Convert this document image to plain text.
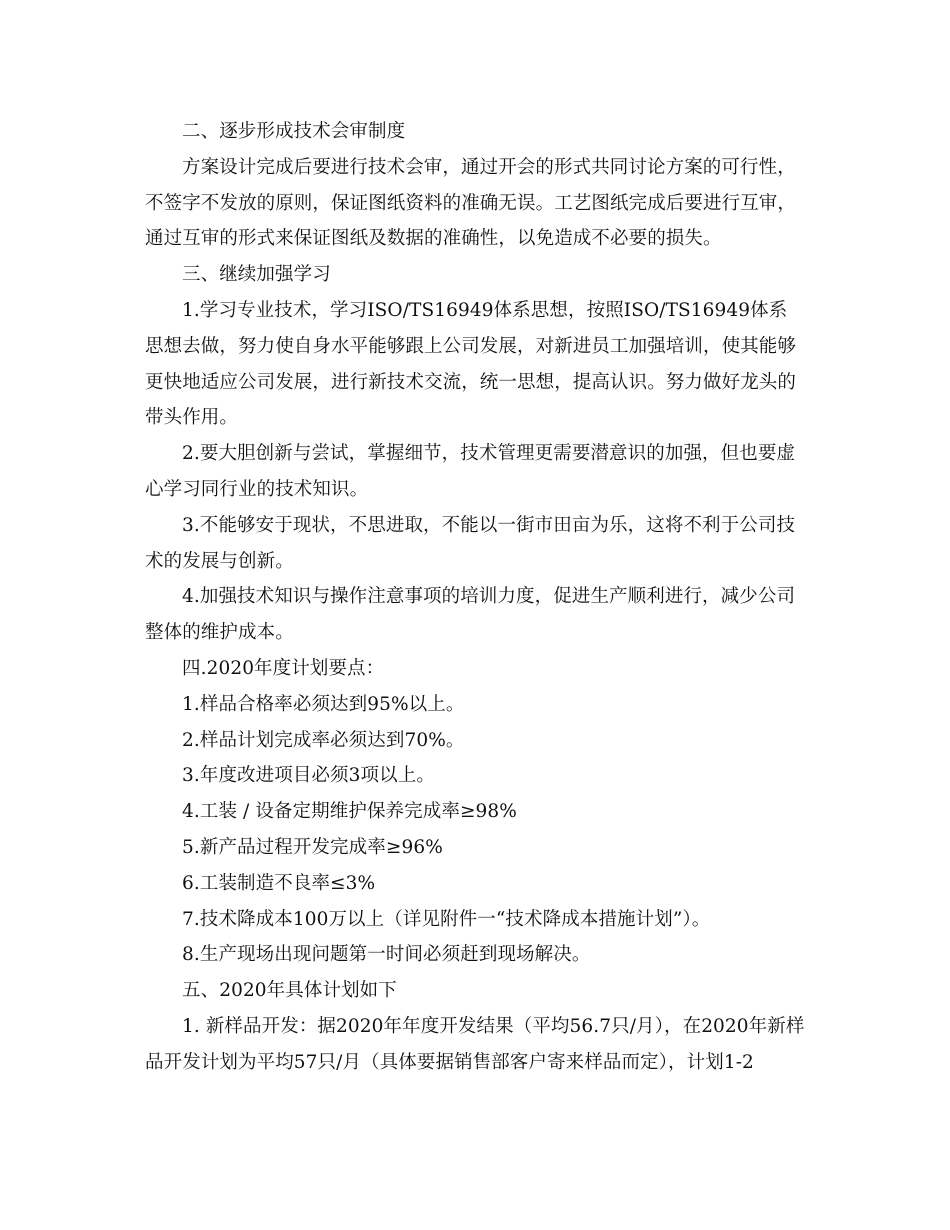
二、逐步形成技术会审制度

方案设计完成后要进行技术会审，通过开会的形式共同讨论方案的可行性，不签字不发放的原则，保证图纸资料的准确无误。工艺图纸完成后要进行互审，通过互审的形式来保证图纸及数据的准确性，以免造成不必要的损失。

三、继续加强学习

1.学习专业技术，学习ISO/TS16949体系思想，按照ISO/TS16949体系思想去做，努力使自身水平能够跟上公司发展，对新进员工加强培训，使其能够更快地适应公司发展，进行新技术交流，统一思想，提高认识。努力做好龙头的带头作用。

2.要大胆创新与尝试，掌握细节，技术管理更需要潜意识的加强，但也要虚心学习同行业的技术知识。

3.不能够安于现状，不思进取，不能以一街市田亩为乐，这将不利于公司技术的发展与创新。

4.加强技术知识与操作注意事项的培训力度，促进生产顺利进行，减少公司整体的维护成本。

四.2020年度计划要点：

1.样品合格率必须达到95%以上。

2.样品计划完成率必须达到70%。

3.年度改进项目必须3项以上。

4.工装 / 设备定期维护保养完成率≥98%

5.新产品过程开发完成率≥96%

6.工装制造不良率≤3%

7.技术降成本100万以上（详见附件一“技术降成本措施计划”）。

8.生产现场出现问题第一时间必须赶到现场解决。

五、2020年具体计划如下

1. 新样品开发：据2020年年度开发结果（平均56.7只/月），在2020年新样品开发计划为平均57只/月（具体要据销售部客户寄来样品而定），计划1-2
